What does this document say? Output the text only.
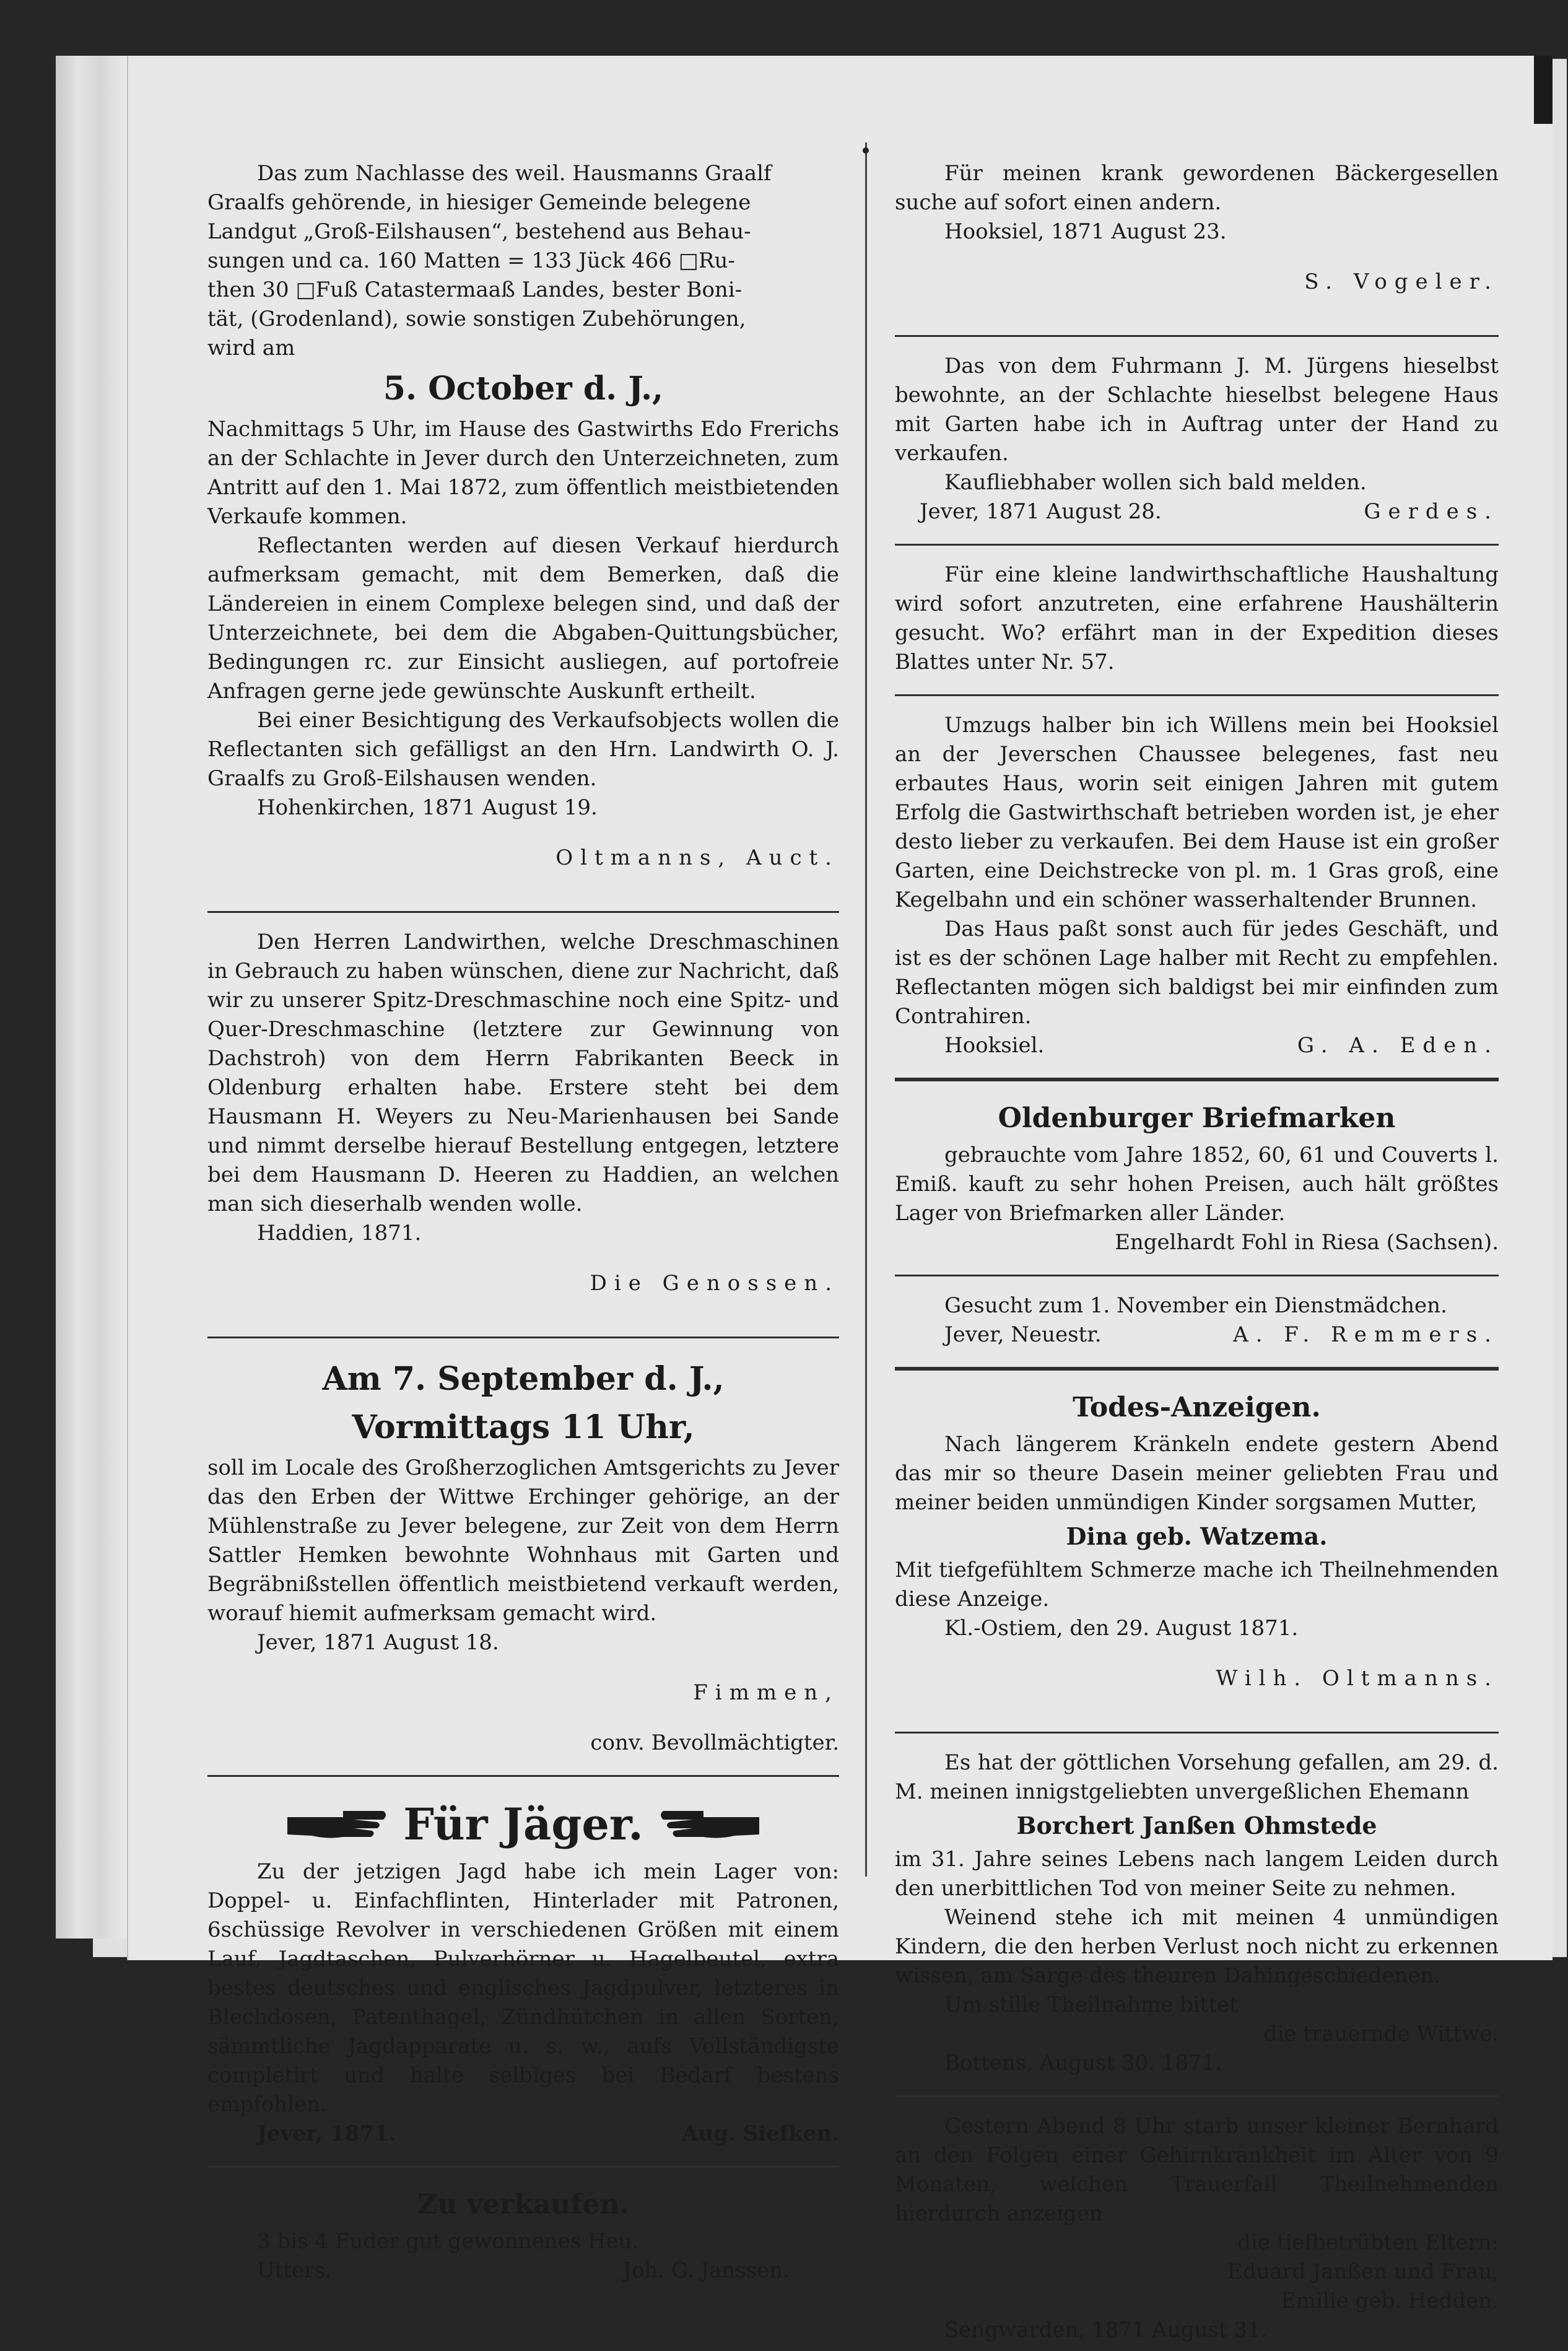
Das zum Nachlasse des weil. Hausmanns Graalf

Graalfs gehörende, in hiesiger Gemeinde belegene

Landgut „Groß-Eilshausen“, bestehend aus Behau-

sungen und ca. 160 Matten = 133 Jück 466 □Ru-

then 30 □Fuß Catastermaaß Landes, bester Boni-

tät, (Grodenland), sowie sonstigen Zubehörungen,

wird am

5. October d. J.,

Nachmittags 5 Uhr, im Hause des Gastwirths Edo Frerichs an der Schlachte in Jever durch den Unterzeichneten, zum Antritt auf den 1. Mai 1872, zum öffentlich meistbietenden Verkaufe kommen.

Reflectanten werden auf diesen Verkauf hierdurch aufmerksam gemacht, mit dem Bemerken, daß die Ländereien in einem Complexe belegen sind, und daß der Unterzeichnete, bei dem die Abgaben-Quittungsbücher, Bedingungen rc. zur Einsicht ausliegen, auf portofreie Anfragen gerne jede gewünschte Auskunft ertheilt.

Bei einer Besichtigung des Verkaufsobjects wollen die Reflectanten sich gefälligst an den Hrn. Landwirth O. J. Graalfs zu Groß-Eilshausen wenden.

Hohenkirchen, 1871 August 19.

Oltmanns, Auct.

Den Herren Landwirthen, welche Dreschmaschinen in Gebrauch zu haben wünschen, diene zur Nachricht, daß wir zu unserer Spitz-Dreschmaschine noch eine Spitz- und Quer-Dreschmaschine (letztere zur Gewinnung von Dachstroh) von dem Herrn Fabrikanten Beeck in Oldenburg erhalten habe. Erstere steht bei dem Hausmann H. Weyers zu Neu-Marienhausen bei Sande und nimmt derselbe hierauf Bestellung entgegen, letztere bei dem Hausmann D. Heeren zu Haddien, an welchen man sich dieserhalb wenden wolle.

Haddien, 1871.

Die Genossen.

Am 7. September d. J.,
Vormittags 11 Uhr,

soll im Locale des Großherzoglichen Amtsgerichts zu Jever das den Erben der Wittwe Erchinger gehörige, an der Mühlenstraße zu Jever belegene, zur Zeit von dem Herrn Sattler Hemken bewohnte Wohnhaus mit Garten und Begräbnißstellen öffentlich meistbietend verkauft werden, worauf hiemit aufmerksam gemacht wird.

Jever, 1871 August 18.

Fimmen,

conv. Bevollmächtigter.

Für Jäger.

Zu der jetzigen Jagd habe ich mein Lager von: Doppel- u. Einfachflinten, Hinterlader mit Patronen, 6schüssige Revolver in verschiedenen Größen mit einem Lauf, Jagdtaschen, Pulverhörner u. Hagelbeutel, extra bestes deutsches und englisches Jagdpulver, letzteres in Blechdosen, Patenthagel, Zündhütchen in allen Sorten, sämmtliche Jagdapparate u. s. w., aufs Vollständigste completirt und halte selbiges bei Bedarf bestens empfohlen.

Jever, 1871.	Aug. Siefken.
Zu verkaufen.

3 bis 4 Fuder gut gewonnenes Heu.

Utters.	Joh. G. Janssen.

Für meinen krank gewordenen Bäckergesellen suche auf sofort einen andern.

Hooksiel, 1871 August 23.

S. Vogeler.

Das von dem Fuhrmann J. M. Jürgens hieselbst bewohnte, an der Schlachte hieselbst belegene Haus mit Garten habe ich in Auftrag unter der Hand zu verkaufen.

Kaufliebhaber wollen sich bald melden.

Jever, 1871 August 28.	Gerdes.

Für eine kleine landwirthschaftliche Haushaltung wird sofort anzutreten, eine erfahrene Haushälterin gesucht. Wo? erfährt man in der Expedition dieses Blattes unter Nr. 57.

Umzugs halber bin ich Willens mein bei Hooksiel an der Jeverschen Chaussee belegenes, fast neu erbautes Haus, worin seit einigen Jahren mit gutem Erfolg die Gastwirthschaft betrieben worden ist, je eher desto lieber zu verkaufen. Bei dem Hause ist ein großer Garten, eine Deichstrecke von pl. m. 1 Gras groß, eine Kegelbahn und ein schöner wasserhaltender Brunnen.

Das Haus paßt sonst auch für jedes Geschäft, und ist es der schönen Lage halber mit Recht zu empfehlen. Reflectanten mögen sich baldigst bei mir einfinden zum Contrahiren.

Hooksiel.	G. A. Eden.
Oldenburger Briefmarken

gebrauchte vom Jahre 1852, 60, 61 und Couverts l. Emiß. kauft zu sehr hohen Preisen, auch hält größtes Lager von Briefmarken aller Länder.

Engelhardt Fohl in Riesa (Sachsen).

Gesucht zum 1. November ein Dienstmädchen.

Jever, Neuestr.	A. F. Remmers.
Todes-Anzeigen.

Nach längerem Kränkeln endete gestern Abend das mir so theure Dasein meiner geliebten Frau und meiner beiden unmündigen Kinder sorgsamen Mutter,

Dina geb. Watzema.

Mit tiefgefühltem Schmerze mache ich Theilnehmenden diese Anzeige.

Kl.-Ostiem, den 29. August 1871.

Wilh. Oltmanns.

Es hat der göttlichen Vorsehung gefallen, am 29. d. M. meinen innigstgeliebten unvergeßlichen Ehemann

Borchert Janßen Ohmstede

im 31. Jahre seines Lebens nach langem Leiden durch den unerbittlichen Tod von meiner Seite zu nehmen.

Weinend stehe ich mit meinen 4 unmündigen Kindern, die den herben Verlust noch nicht zu erkennen wissen, am Sarge des theuren Dahingeschiedenen.

Um stille Theilnahme bittet

die trauernde Wittwe.

Bottens, August 30. 1871.

Gestern Abend 8 Uhr starb unser kleiner Bernhard an den Folgen einer Gehirnkrankheit im Alter von 9 Monaten, welchen Trauerfall Theilnehmenden hierdurch anzeigen

die tiefbetrübten Eltern:

Eduard Janßen und Frau,

Emilie geb. Hedden.

Sengwarden, 1871 August 31.
